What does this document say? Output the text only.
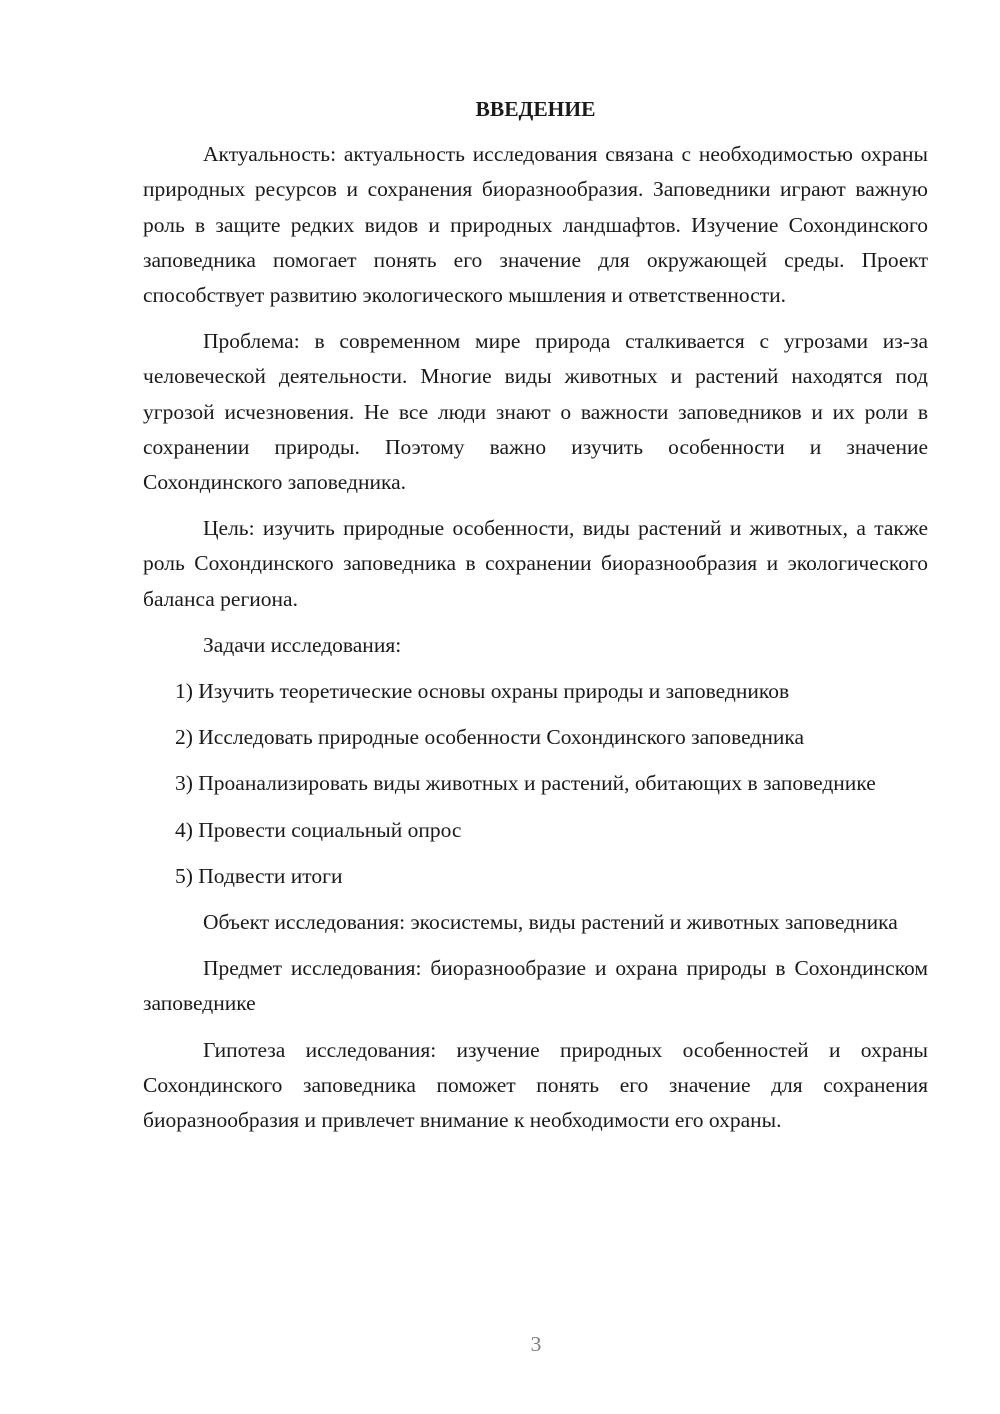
ВВЕДЕНИЕ

Актуальность: актуальность исследования связана с необходимостью охраны природных ресурсов и сохранения биоразнообразия. Заповедники играют важную роль в защите редких видов и природных ландшафтов. Изучение Сохондинского заповедника помогает понять его значение для окружающей среды. Проект способствует развитию экологического мышления и ответственности.

Проблема: в современном мире природа сталкивается с угрозами из-за человеческой деятельности. Многие виды животных и растений находятся под угрозой исчезновения. Не все люди знают о важности заповедников и их роли в сохранении природы. Поэтому важно изучить особенности и значение Сохондинского заповедника.

Цель: изучить природные особенности, виды растений и животных, а также роль Сохондинского заповедника в сохранении биоразнообразия и экологического баланса региона.

Задачи исследования:

1) Изучить теоретические основы охраны природы и заповедников

2) Исследовать природные особенности Сохондинского заповедника

3) Проанализировать виды животных и растений, обитающих в заповеднике

4) Провести социальный опрос

5) Подвести итоги

Объект исследования: экосистемы, виды растений и животных заповедника

Предмет исследования: биоразнообразие и охрана природы в Сохондинском заповеднике

Гипотеза исследования: изучение природных особенностей и охраны Сохондинского заповедника поможет понять его значение для сохранения биоразнообразия и привлечет внимание к необходимости его охраны.

3
